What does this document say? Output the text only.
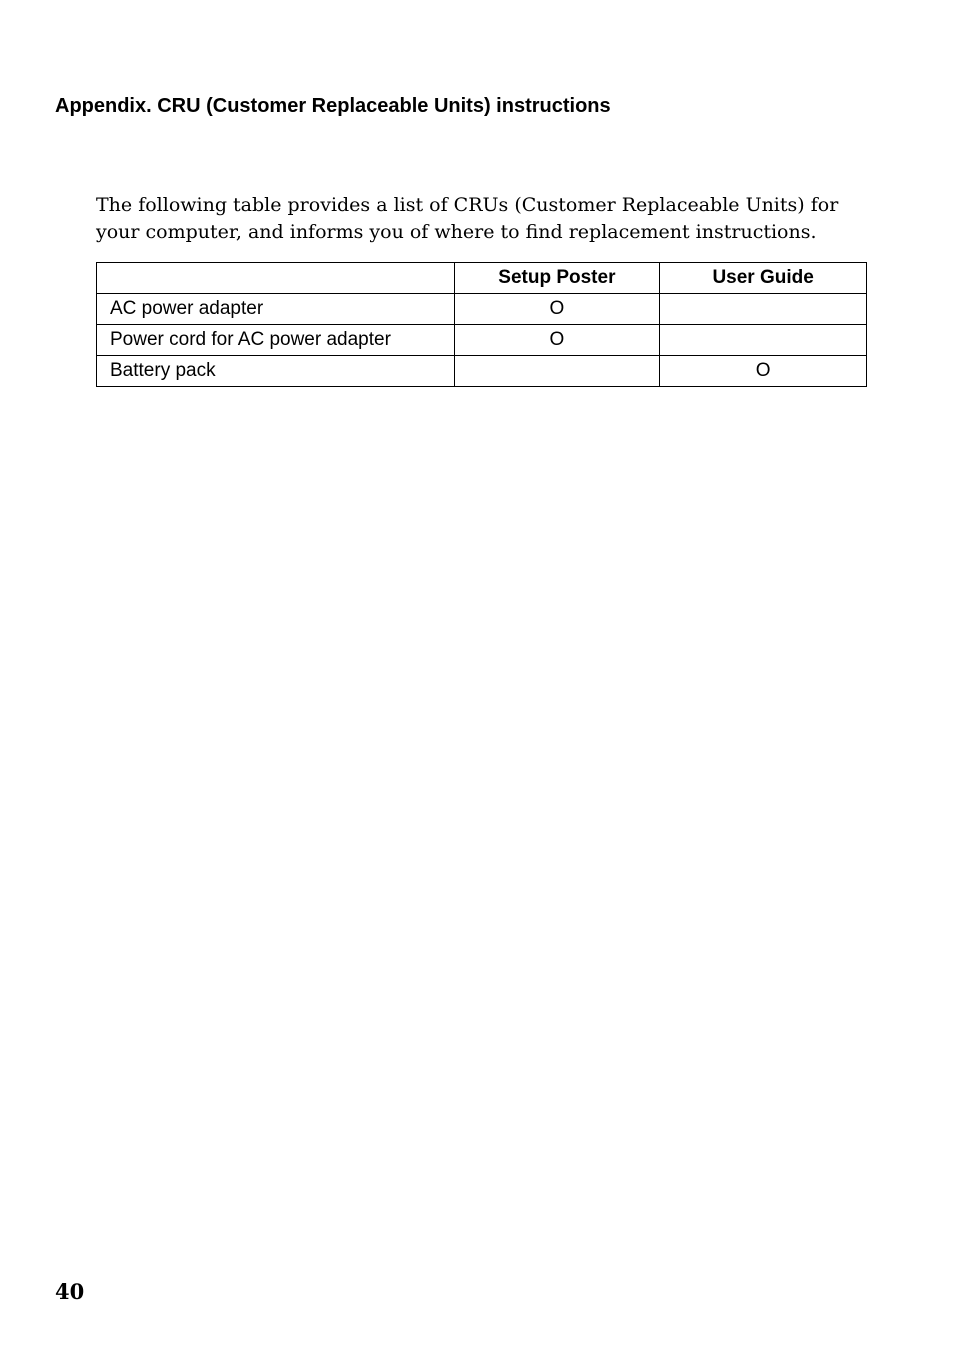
Appendix. CRU (Customer Replaceable Units) instructions

The following table provides a list of CRUs (Customer Replaceable Units) for
your computer, and informs you of where to find replacement instructions.

	Setup Poster	User Guide
AC power adapter	O	
Power cord for AC power adapter	O	
Battery pack		O
40
